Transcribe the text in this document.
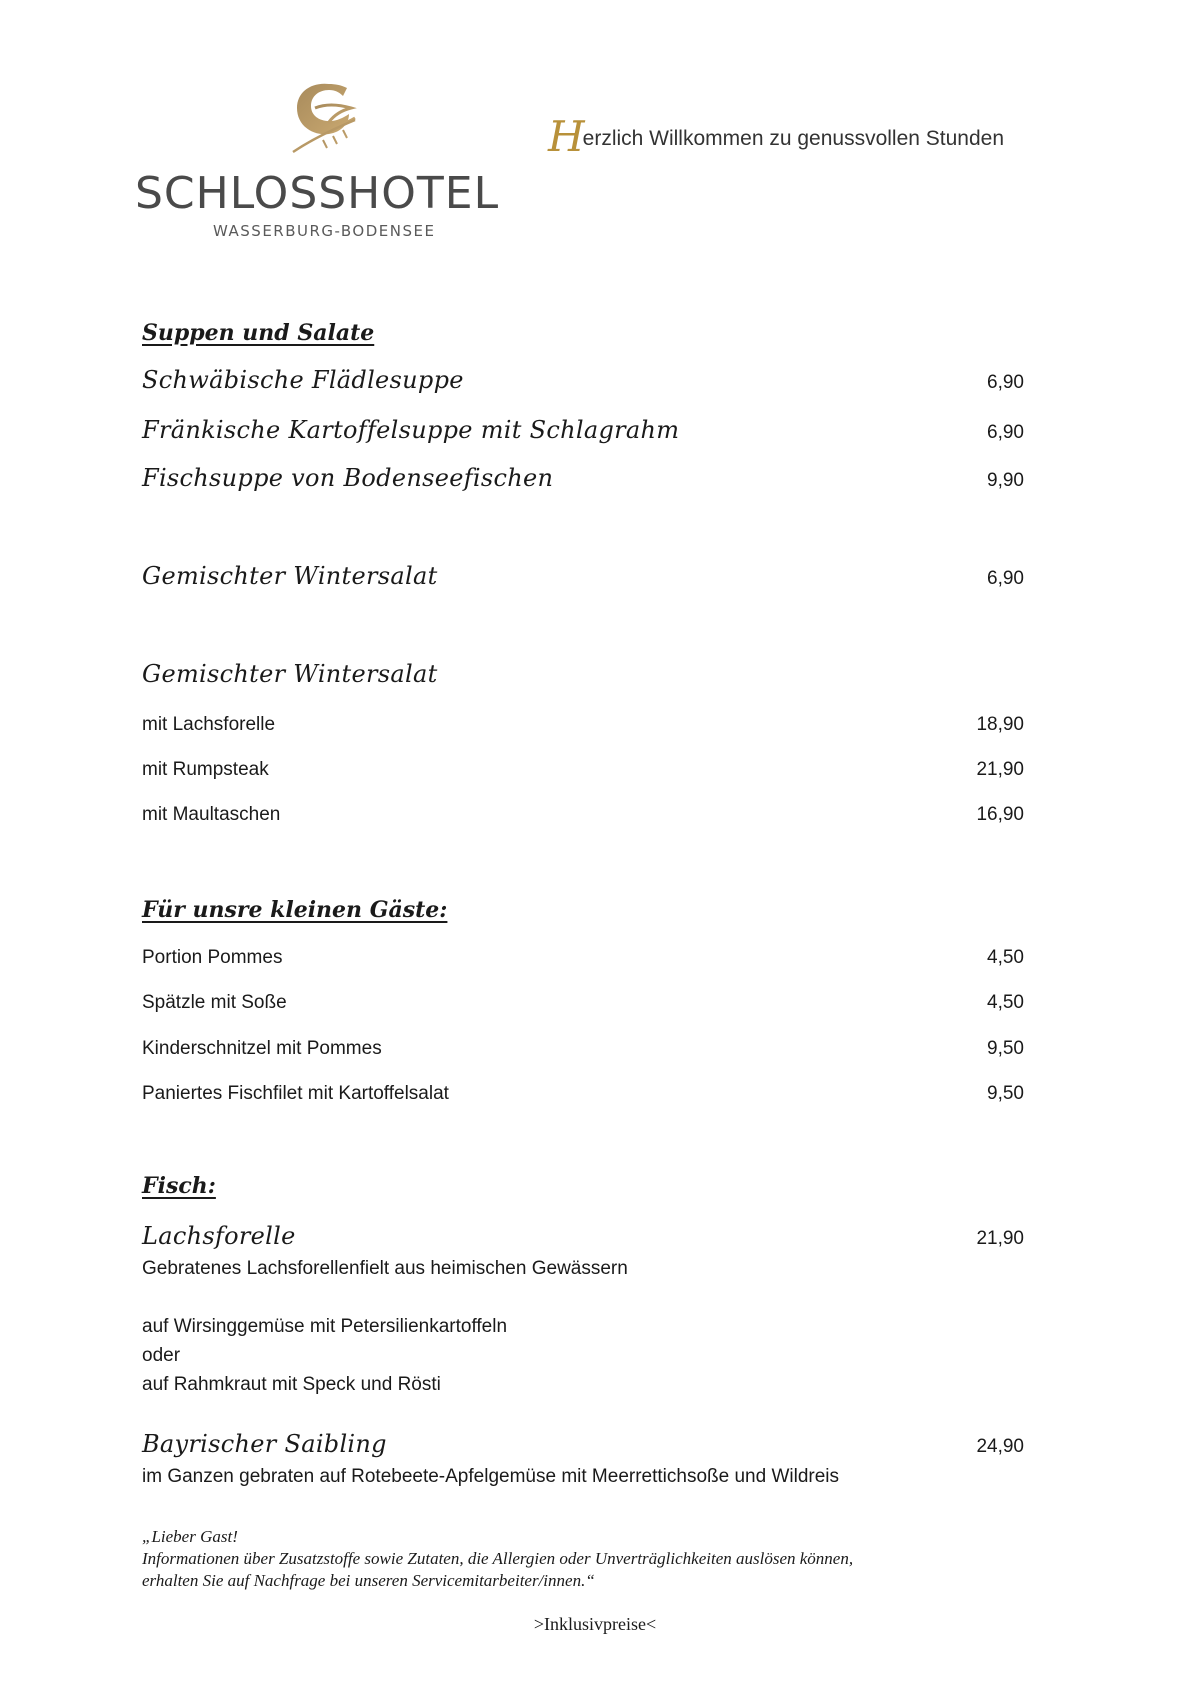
SCHLOSSHOTEL
WASSERBURG-BODENSEE
Herzlich Willkommen zu genussvollen Stunden
Suppen und Salate
Schwäbische Flädlesuppe	6,90
Fränkische Kartoffelsuppe mit Schlagrahm	6,90
Fischsuppe von Bodenseefischen	9,90
Gemischter Wintersalat	6,90
Gemischter Wintersalat
mit Lachsforelle	18,90
mit Rumpsteak	21,90
mit Maultaschen	16,90
Für unsre kleinen Gäste:
Portion Pommes	4,50
Spätzle mit Soße	4,50
Kinderschnitzel mit Pommes	9,50
Paniertes Fischfilet mit Kartoffelsalat	9,50
Fisch:
Lachsforelle	21,90
Gebratenes Lachsforellenfielt aus heimischen Gewässern
auf Wirsinggemüse mit Petersilienkartoffeln
oder
auf Rahmkraut mit Speck und Rösti
Bayrischer Saibling	24,90
im Ganzen gebraten auf Rotebeete-Apfelgemüse mit Meerrettichsoße und Wildreis
„Lieber Gast!
Informationen über Zusatzstoffe sowie Zutaten, die Allergien oder Unverträglichkeiten auslösen können,
erhalten Sie auf Nachfrage bei unseren Servicemitarbeiter/innen.“
>Inklusivpreise<
